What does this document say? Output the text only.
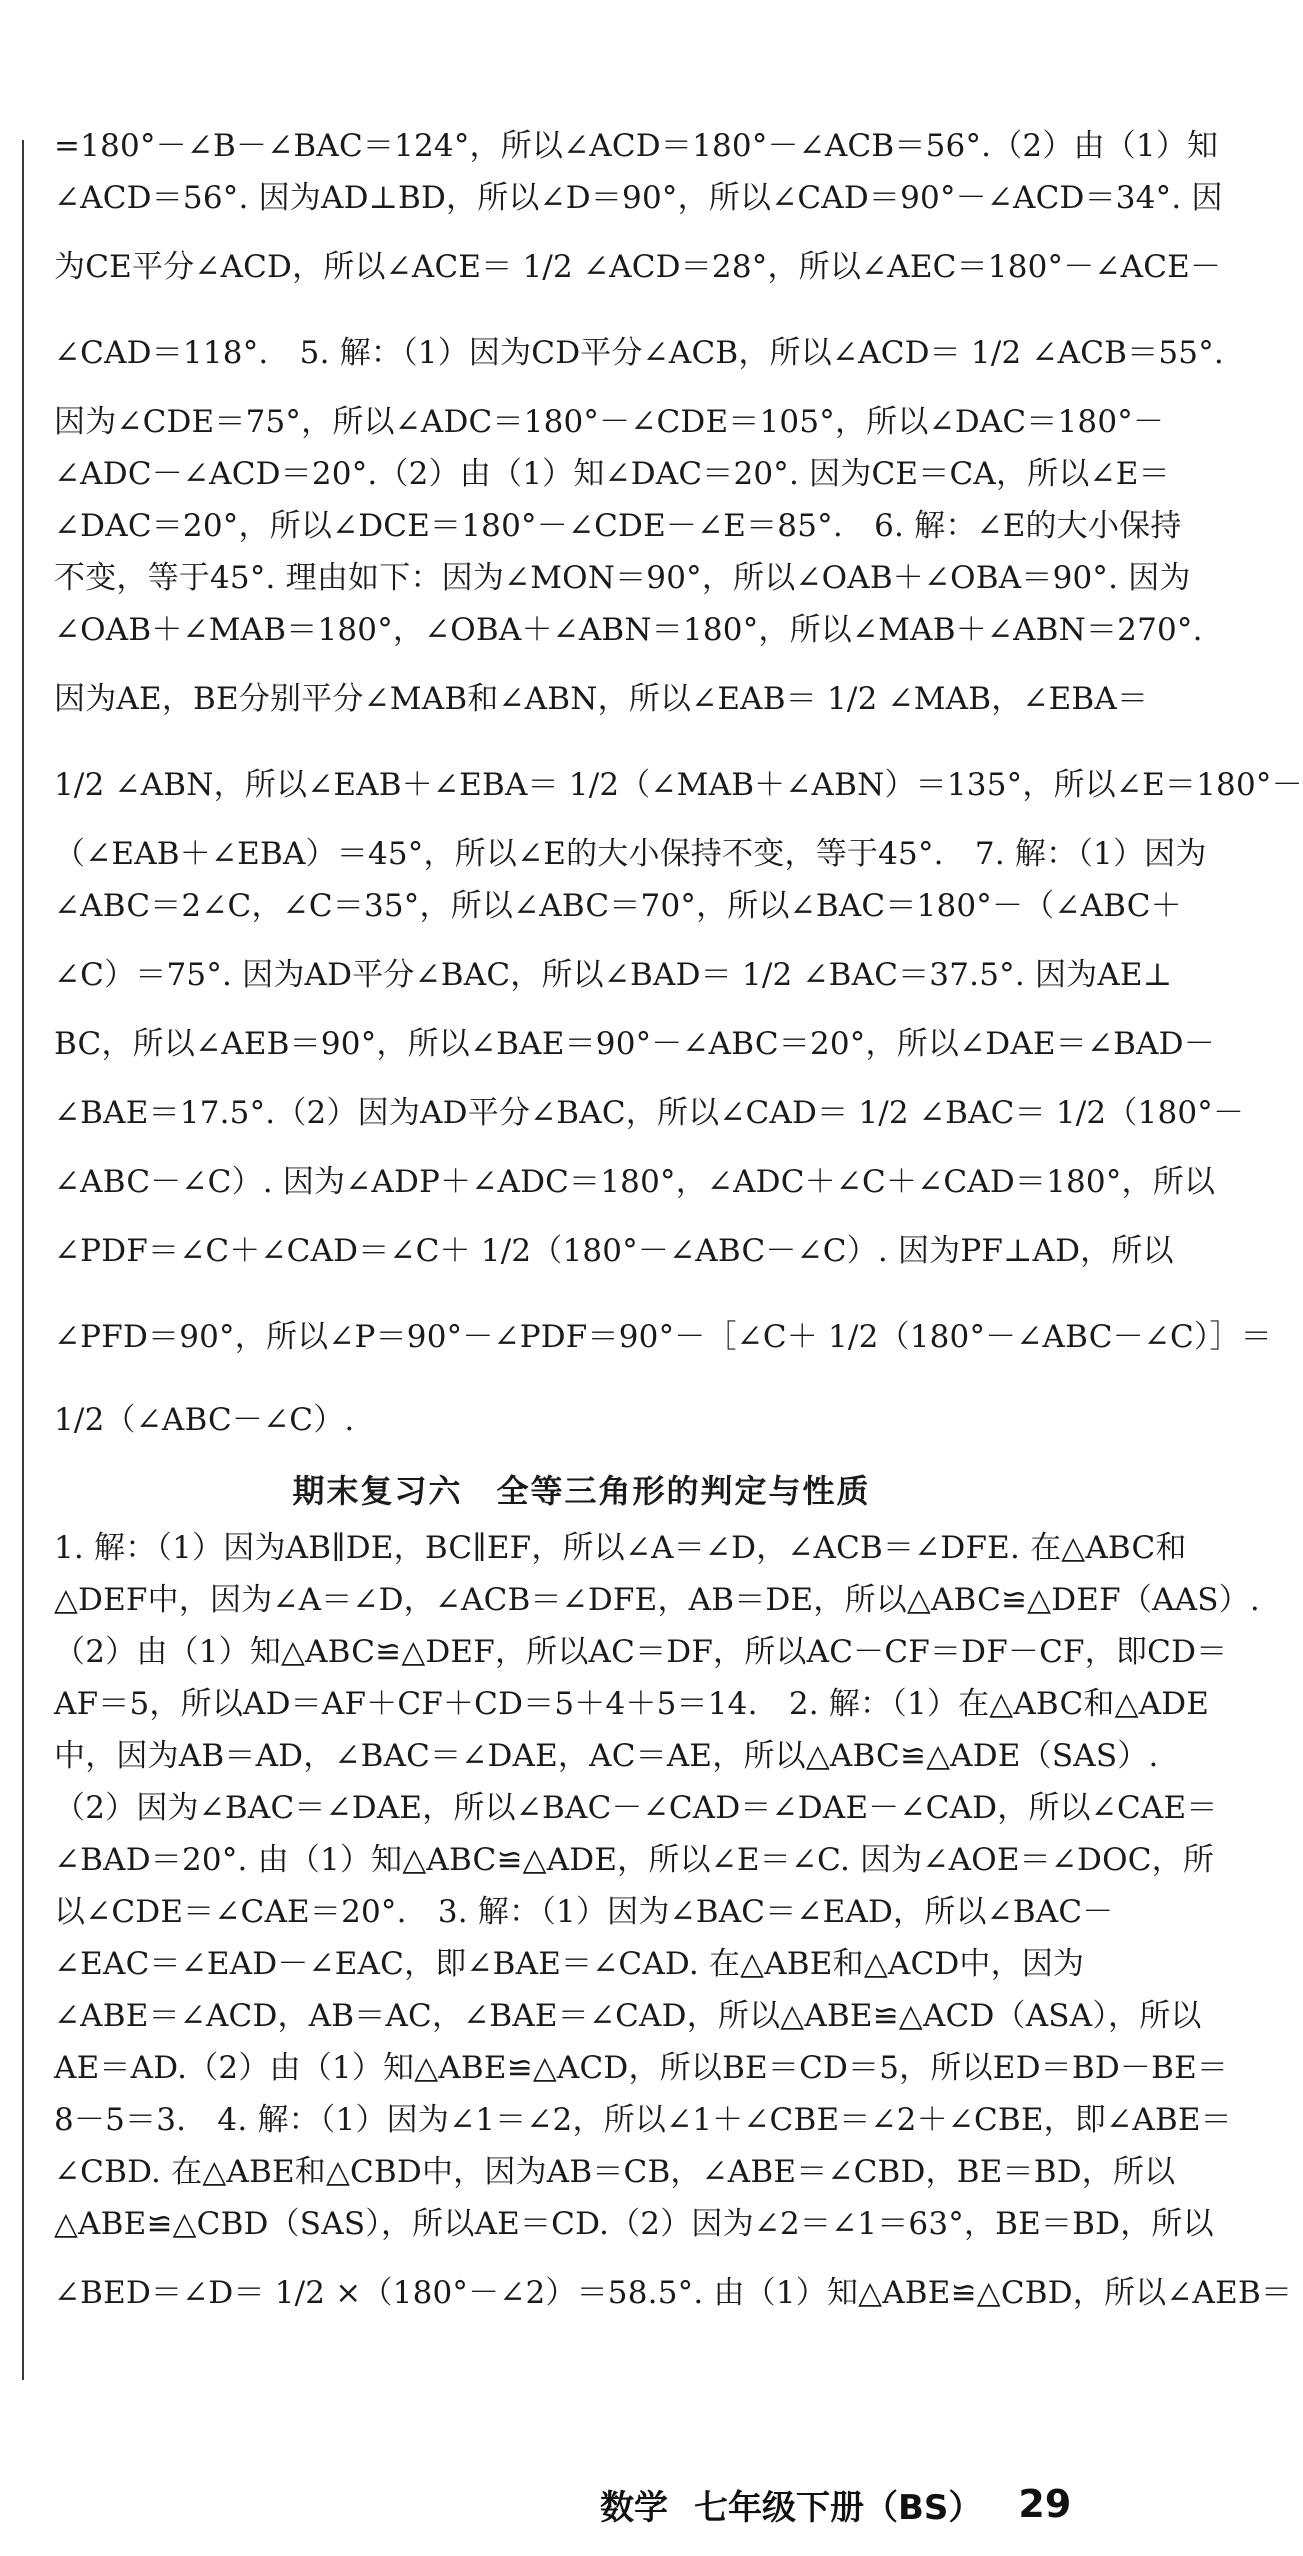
=180°－∠B－∠BAC＝124°，所以∠ACD＝180°－∠ACB＝56°.（2）由（1）知
∠ACD＝56°. 因为AD⊥BD，所以∠D＝90°，所以∠CAD＝90°－∠ACD＝34°. 因
为CE平分∠ACD，所以∠ACE＝ 1/2 ∠ACD＝28°，所以∠AEC＝180°－∠ACE－
∠CAD＝118°.　5. 解：（1）因为CD平分∠ACB，所以∠ACD＝ 1/2 ∠ACB＝55°.
因为∠CDE＝75°，所以∠ADC＝180°－∠CDE＝105°，所以∠DAC＝180°－
∠ADC－∠ACD＝20°.（2）由（1）知∠DAC＝20°. 因为CE＝CA，所以∠E＝
∠DAC＝20°，所以∠DCE＝180°－∠CDE－∠E＝85°.　6. 解：∠E的大小保持
不变，等于45°. 理由如下：因为∠MON＝90°，所以∠OAB＋∠OBA＝90°. 因为
∠OAB＋∠MAB＝180°，∠OBA＋∠ABN＝180°，所以∠MAB＋∠ABN＝270°.
因为AE，BE分别平分∠MAB和∠ABN，所以∠EAB＝ 1/2 ∠MAB，∠EBA＝
1/2 ∠ABN，所以∠EAB＋∠EBA＝ 1/2（∠MAB＋∠ABN）＝135°，所以∠E＝180°－
（∠EAB＋∠EBA）＝45°，所以∠E的大小保持不变，等于45°.　7. 解：（1）因为
∠ABC＝2∠C，∠C＝35°，所以∠ABC＝70°，所以∠BAC＝180°－（∠ABC＋
∠C）＝75°. 因为AD平分∠BAC，所以∠BAD＝ 1/2 ∠BAC＝37.5°. 因为AE⊥
BC，所以∠AEB＝90°，所以∠BAE＝90°－∠ABC＝20°，所以∠DAE＝∠BAD－
∠BAE＝17.5°.（2）因为AD平分∠BAC，所以∠CAD＝ 1/2 ∠BAC＝ 1/2（180°－
∠ABC－∠C）. 因为∠ADP＋∠ADC＝180°，∠ADC＋∠C＋∠CAD＝180°，所以
∠PDF＝∠C＋∠CAD＝∠C＋ 1/2（180°－∠ABC－∠C）. 因为PF⊥AD，所以
∠PFD＝90°，所以∠P＝90°－∠PDF＝90°－［∠C＋ 1/2（180°－∠ABC－∠C）］＝
1/2（∠ABC－∠C）.
期末复习六　全等三角形的判定与性质
1. 解：（1）因为AB∥DE，BC∥EF，所以∠A＝∠D，∠ACB＝∠DFE. 在△ABC和
△DEF中，因为∠A＝∠D，∠ACB＝∠DFE，AB＝DE，所以△ABC≌△DEF（AAS）.
（2）由（1）知△ABC≌△DEF，所以AC＝DF，所以AC－CF＝DF－CF，即CD＝
AF＝5，所以AD＝AF＋CF＋CD＝5＋4＋5＝14.　2. 解：（1）在△ABC和△ADE
中，因为AB＝AD，∠BAC＝∠DAE，AC＝AE，所以△ABC≌△ADE（SAS）.
（2）因为∠BAC＝∠DAE，所以∠BAC－∠CAD＝∠DAE－∠CAD，所以∠CAE＝
∠BAD＝20°. 由（1）知△ABC≌△ADE，所以∠E＝∠C. 因为∠AOE＝∠DOC，所
以∠CDE＝∠CAE＝20°.　3. 解：（1）因为∠BAC＝∠EAD，所以∠BAC－
∠EAC＝∠EAD－∠EAC，即∠BAE＝∠CAD. 在△ABE和△ACD中，因为
∠ABE＝∠ACD，AB＝AC，∠BAE＝∠CAD，所以△ABE≌△ACD（ASA），所以
AE＝AD.（2）由（1）知△ABE≌△ACD，所以BE＝CD＝5，所以ED＝BD－BE＝
8－5＝3.　4. 解：（1）因为∠1＝∠2，所以∠1＋∠CBE＝∠2＋∠CBE，即∠ABE＝
∠CBD. 在△ABE和△CBD中，因为AB＝CB，∠ABE＝∠CBD，BE＝BD，所以
△ABE≌△CBD（SAS），所以AE＝CD.（2）因为∠2＝∠1＝63°，BE＝BD，所以
∠BED＝∠D＝ 1/2 ×（180°－∠2）＝58.5°. 由（1）知△ABE≌△CBD，所以∠AEB＝
数学 七年级下册（BS） 29
